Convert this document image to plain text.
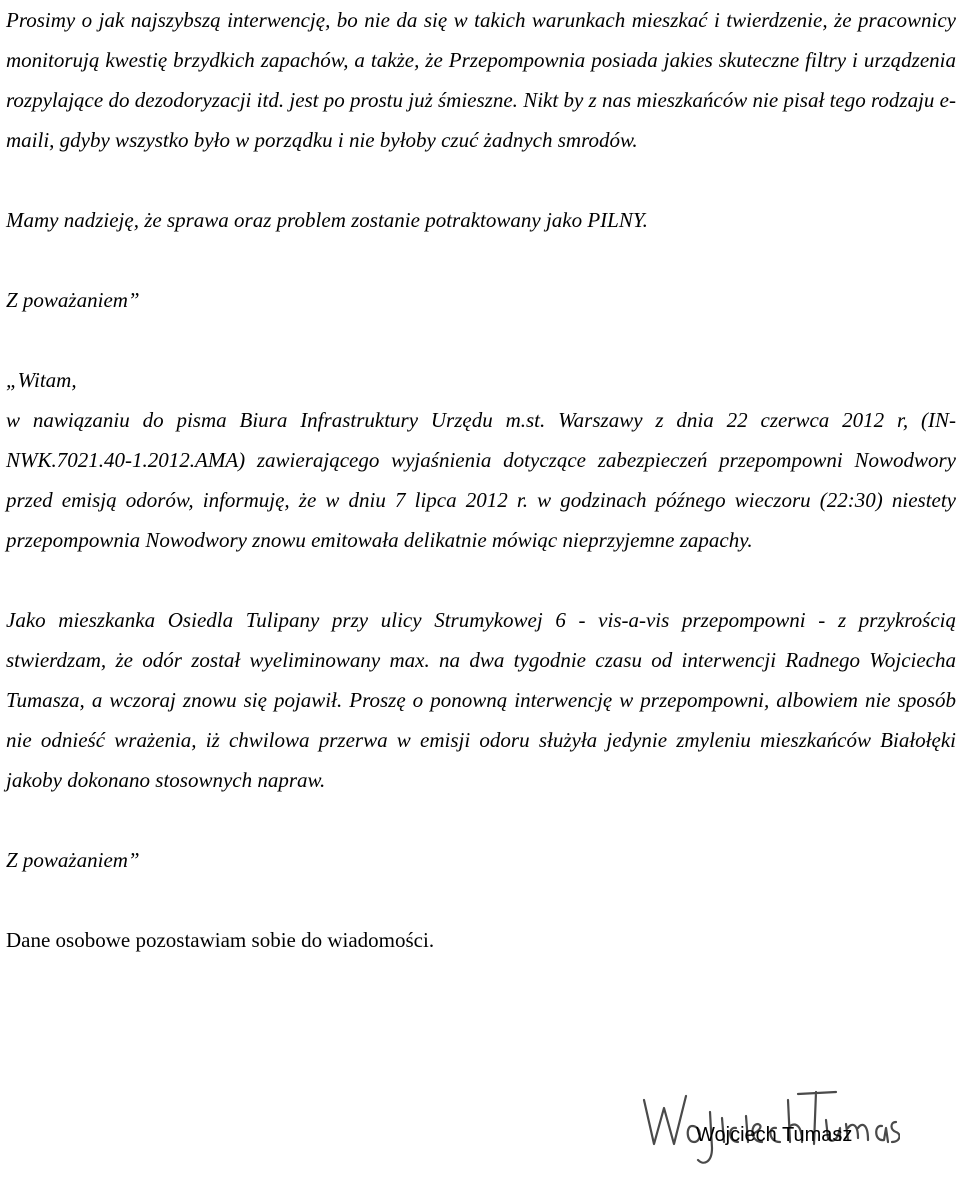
Prosimy o jak najszybszą interwencję, bo nie da się w takich warunkach mieszkać i twierdzenie, że pracownicy monitorują kwestię brzydkich zapachów, a także, że Przepompownia posiada jakies skuteczne filtry i urządzenia rozpylające do dezodoryzacji itd. jest po prostu już śmieszne. Nikt by z nas mieszkańców nie pisał tego rodzaju e-maili, gdyby wszystko było w porządku i nie byłoby czuć żadnych smrodów.

Mamy nadzieję, że sprawa oraz problem zostanie potraktowany jako PILNY.

Z poważaniem”

„Witam,

w nawiązaniu do pisma Biura Infrastruktury Urzędu m.st. Warszawy z dnia 22 czerwca 2012 r, (IN-NWK.7021.40-1.2012.AMA) zawierającego wyjaśnienia dotyczące zabezpieczeń przepompowni Nowodwory przed emisją odorów, informuję, że w dniu 7 lipca 2012 r. w godzinach późnego wieczoru (22:30) niestety przepompownia Nowodwory znowu emitowała delikatnie mówiąc nieprzyjemne zapachy.

Jako mieszkanka Osiedla Tulipany przy ulicy Strumykowej 6 - vis-a-vis przepompowni - z przykrością stwierdzam, że odór został wyeliminowany max. na dwa tygodnie czasu od interwencji Radnego Wojciecha Tumasza, a wczoraj znowu się pojawił. Proszę o ponowną interwencję w przepompowni, albowiem nie sposób nie odnieść wrażenia, iż chwilowa przerwa w emisji odoru służyła jedynie zmyleniu mieszkańców Białołęki jakoby dokonano stosownych napraw.

Z poważaniem”

Dane osobowe pozostawiam sobie do wiadomości.

Wojciech Tumasz
